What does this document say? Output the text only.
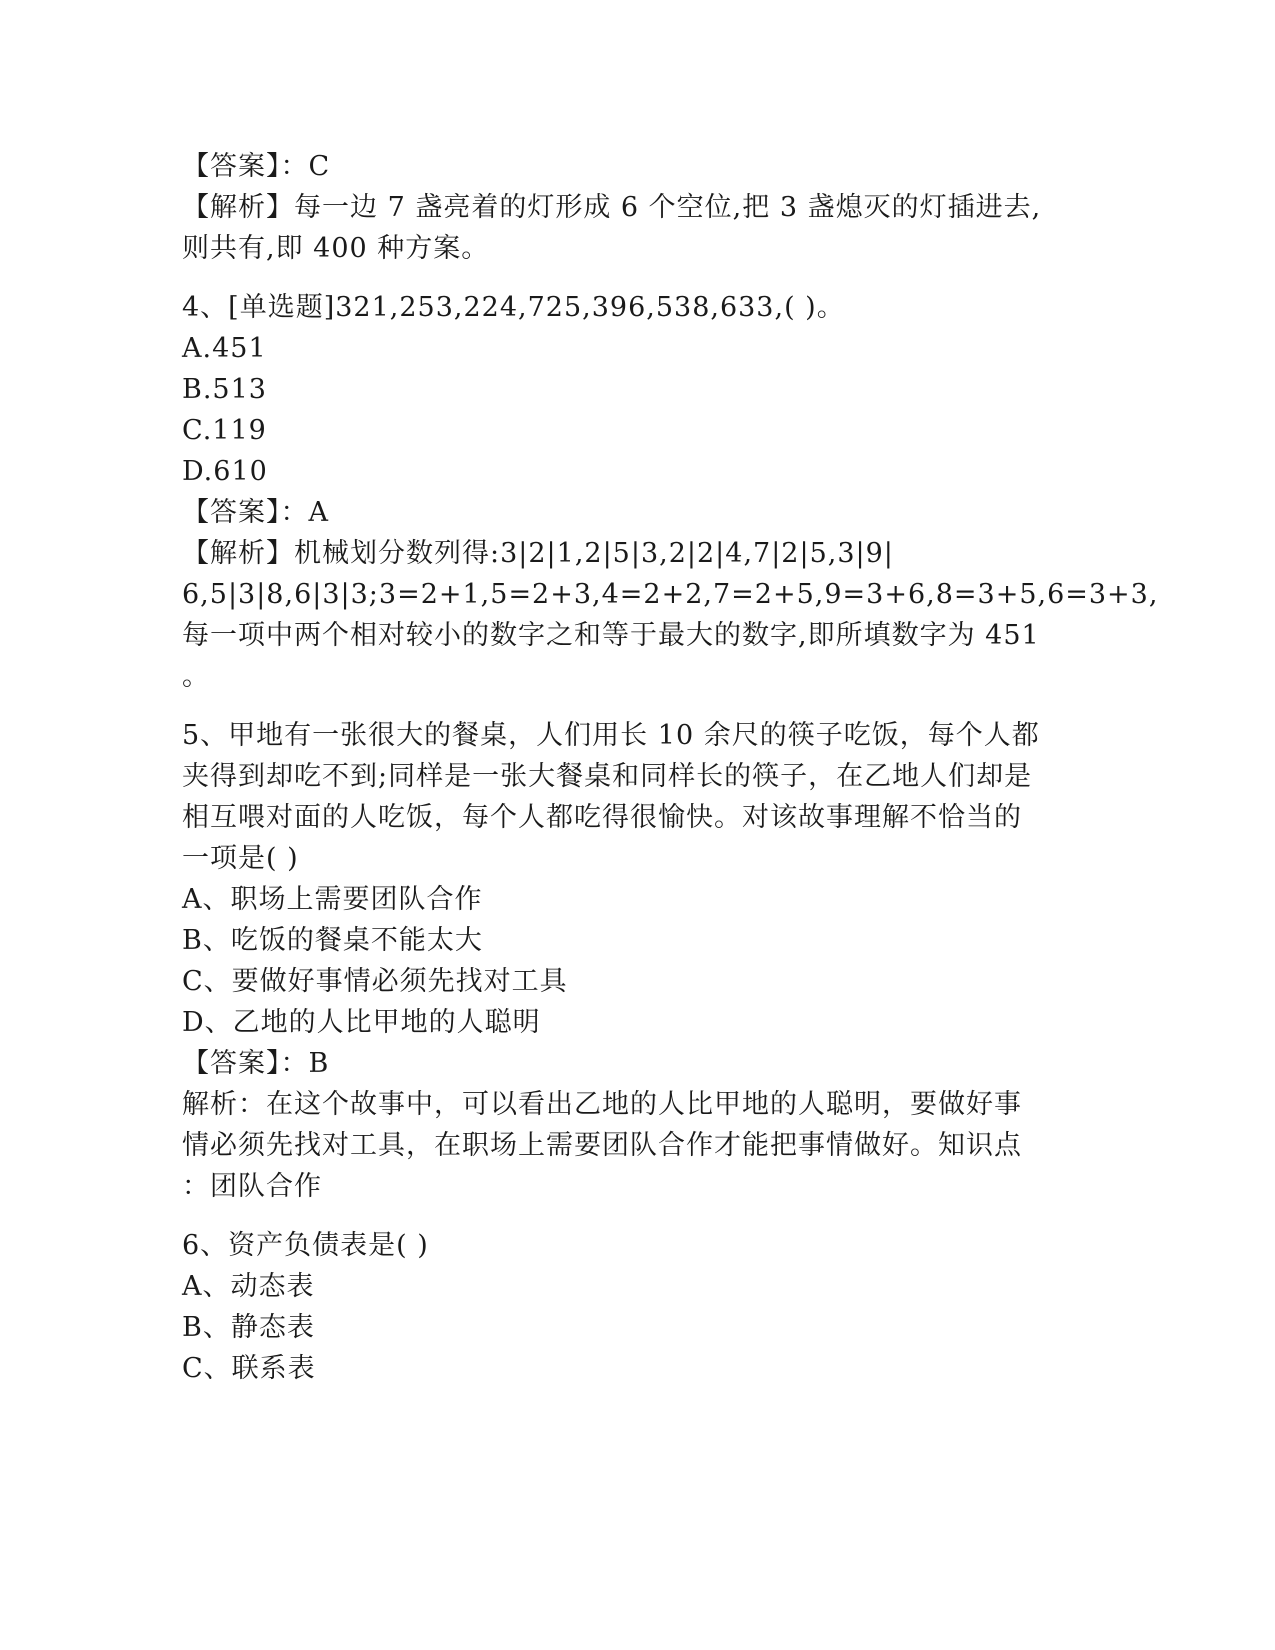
【答案】：C
【解析】每一边 7 盏亮着的灯形成 6 个空位,把 3 盏熄灭的灯插进去,
则共有,即 400 种方案。
4、[单选题]321,253,224,725,396,538,633,( )。
A.451
B.513
C.119
D.610
【答案】：A
【解析】机械划分数列得:3|2|1,2|5|3,2|2|4,7|2|5,3|9|
6,5|3|8,6|3|3;3=2+1,5=2+3,4=2+2,7=2+5,9=3+6,8=3+5,6=3+3,
每一项中两个相对较小的数字之和等于最大的数字,即所填数字为 451
。
5、甲地有一张很大的餐桌，人们用长 10 余尺的筷子吃饭，每个人都
夹得到却吃不到;同样是一张大餐桌和同样长的筷子，在乙地人们却是
相互喂对面的人吃饭，每个人都吃得很愉快。对该故事理解不恰当的
一项是( )
A、职场上需要团队合作
B、吃饭的餐桌不能太大
C、要做好事情必须先找对工具
D、乙地的人比甲地的人聪明
【答案】：B
解析：在这个故事中，可以看出乙地的人比甲地的人聪明，要做好事
情必须先找对工具，在职场上需要团队合作才能把事情做好。知识点
：团队合作
6、资产负债表是( )
A、动态表
B、静态表
C、联系表
